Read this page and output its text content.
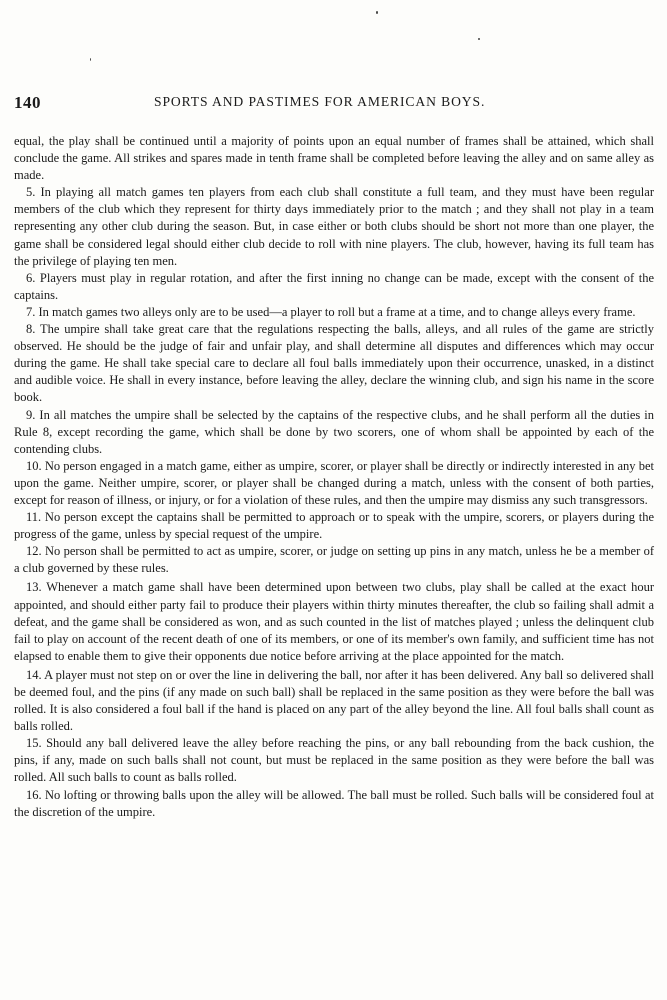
140	SPORTS AND PASTIMES FOR AMERICAN BOYS.

equal, the play shall be continued until a majority of points upon an equal number of frames shall be attained, which shall conclude the game. All strikes and spares made in tenth frame shall be completed before leaving the alley and on same alley as made.

5. In playing all match games ten players from each club shall constitute a full team, and they must have been regular members of the club which they represent for thirty days immediately prior to the match ; and they shall not play in a team representing any other club during the season. But, in case either or both clubs should be short not more than one player, the game shall be considered legal should either club decide to roll with nine players. The club, however, having its full team has the privilege of playing ten men.

6. Players must play in regular rotation, and after the first inning no change can be made, except with the consent of the captains.

7. In match games two alleys only are to be used—a player to roll but a frame at a time, and to change alleys every frame.

8. The umpire shall take great care that the regulations respecting the balls, alleys, and all rules of the game are strictly observed. He should be the judge of fair and unfair play, and shall determine all disputes and differences which may occur during the game. He shall take special care to declare all foul balls immediately upon their occurrence, unasked, in a distinct and audible voice. He shall in every instance, before leaving the alley, declare the winning club, and sign his name in the score book.

9. In all matches the umpire shall be selected by the captains of the respective clubs, and he shall perform all the duties in Rule 8, except recording the game, which shall be done by two scorers, one of whom shall be appointed by each of the contending clubs.

10. No person engaged in a match game, either as umpire, scorer, or player shall be directly or indirectly interested in any bet upon the game. Neither umpire, scorer, or player shall be changed during a match, unless with the consent of both parties, except for reason of illness, or injury, or for a violation of these rules, and then the umpire may dismiss any such transgressors.

11. No person except the captains shall be permitted to approach or to speak with the umpire, scorers, or players during the progress of the game, unless by special request of the umpire.

12. No person shall be permitted to act as umpire, scorer, or judge on setting up pins in any match, unless he be a member of a club governed by these rules.

13. Whenever a match game shall have been determined upon between two clubs, play shall be called at the exact hour appointed, and should either party fail to produce their players within thirty minutes thereafter, the club so failing shall admit a defeat, and the game shall be considered as won, and as such counted in the list of matches played ; unless the delinquent club fail to play on account of the recent death of one of its members, or one of its member's own family, and sufficient time has not elapsed to enable them to give their opponents due notice before arriving at the place appointed for the match.

14. A player must not step on or over the line in delivering the ball, nor after it has been delivered. Any ball so delivered shall be deemed foul, and the pins (if any made on such ball) shall be replaced in the same position as they were before the ball was rolled. It is also considered a foul ball if the hand is placed on any part of the alley beyond the line. All foul balls shall count as balls rolled.

15. Should any ball delivered leave the alley before reaching the pins, or any ball rebounding from the back cushion, the pins, if any, made on such balls shall not count, but must be replaced in the same position as they were before the ball was rolled. All such balls to count as balls rolled.

16. No lofting or throwing balls upon the alley will be allowed. The ball must be rolled. Such balls will be considered foul at the discretion of the umpire.
